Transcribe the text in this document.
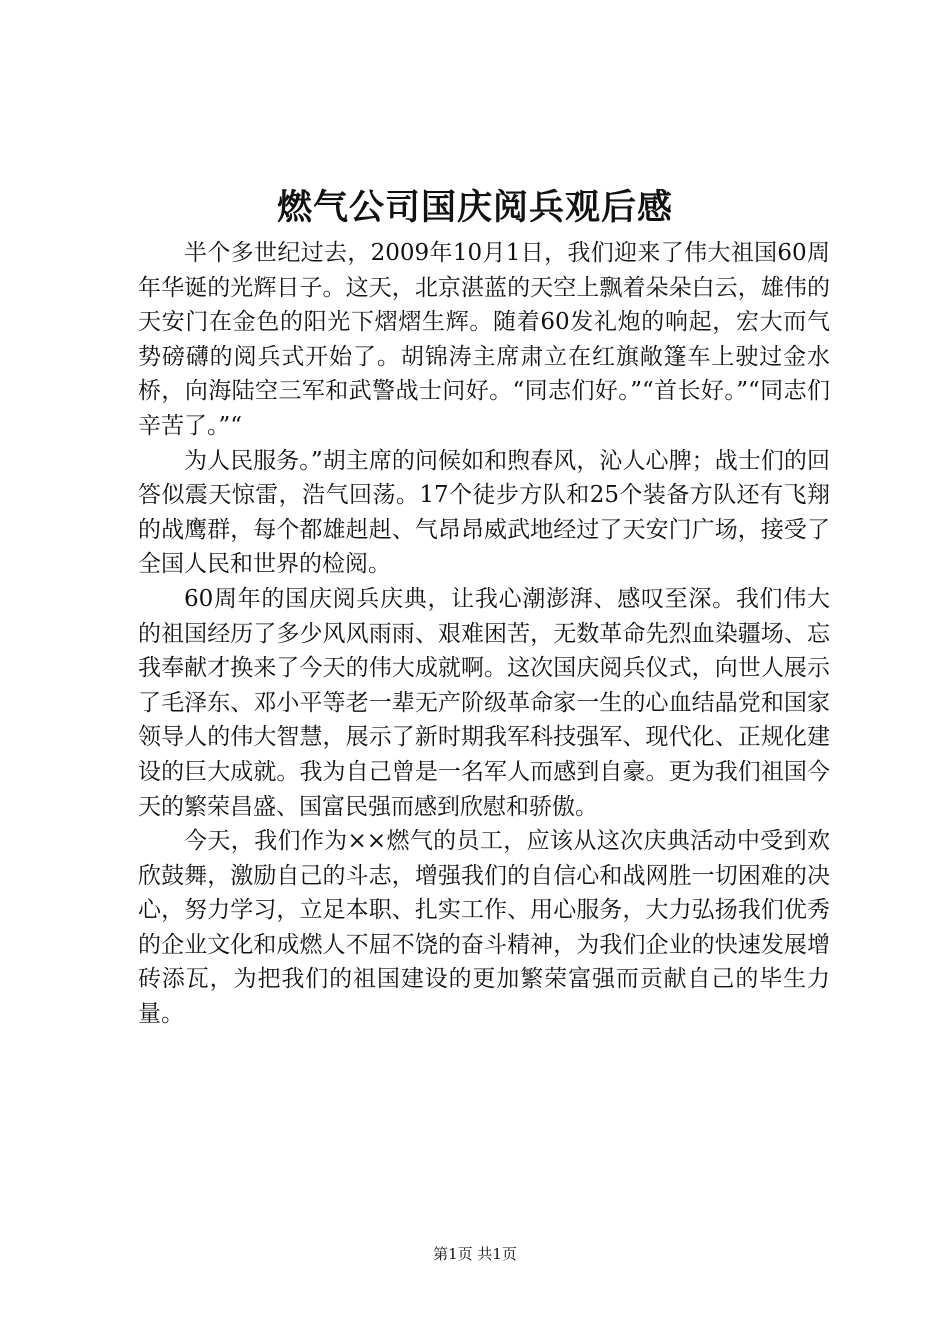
燃气公司国庆阅兵观后感

半个多世纪过去，2009年10月1日，我们迎来了伟大祖国60周年华诞的光辉日子。这天，北京湛蓝的天空上飘着朵朵白云，雄伟的天安门在金色的阳光下熠熠生辉。随着60发礼炮的响起，宏大而气势磅礴的阅兵式开始了。胡锦涛主席肃立在红旗敞篷车上驶过金水桥，向海陆空三军和武警战士问好。“同志们好。”“首长好。”“同志们辛苦了。”“

为人民服务。”胡主席的问候如和煦春风，沁人心脾；战士们的回答似震天惊雷，浩气回荡。17个徒步方队和25个装备方队还有飞翔的战鹰群，每个都雄赳赳、气昂昂威武地经过了天安门广场，接受了全国人民和世界的检阅。

60周年的国庆阅兵庆典，让我心潮澎湃、感叹至深。我们伟大的祖国经历了多少风风雨雨、艰难困苦，无数革命先烈血染疆场、忘我奉献才换来了今天的伟大成就啊。这次国庆阅兵仪式，向世人展示了毛泽东、邓小平等老一辈无产阶级革命家一生的心血结晶党和国家领导人的伟大智慧，展示了新时期我军科技强军、现代化、正规化建设的巨大成就。我为自己曾是一名军人而感到自豪。更为我们祖国今天的繁荣昌盛、国富民强而感到欣慰和骄傲。

今天，我们作为××燃气的员工，应该从这次庆典活动中受到欢欣鼓舞，激励自己的斗志，增强我们的自信心和战网胜一切困难的决心，努力学习，立足本职、扎实工作、用心服务，大力弘扬我们优秀的企业文化和成燃人不屈不饶的奋斗精神，为我们企业的快速发展增砖添瓦，为把我们的祖国建设的更加繁荣富强而贡献自己的毕生力量。

第1页 共1页
